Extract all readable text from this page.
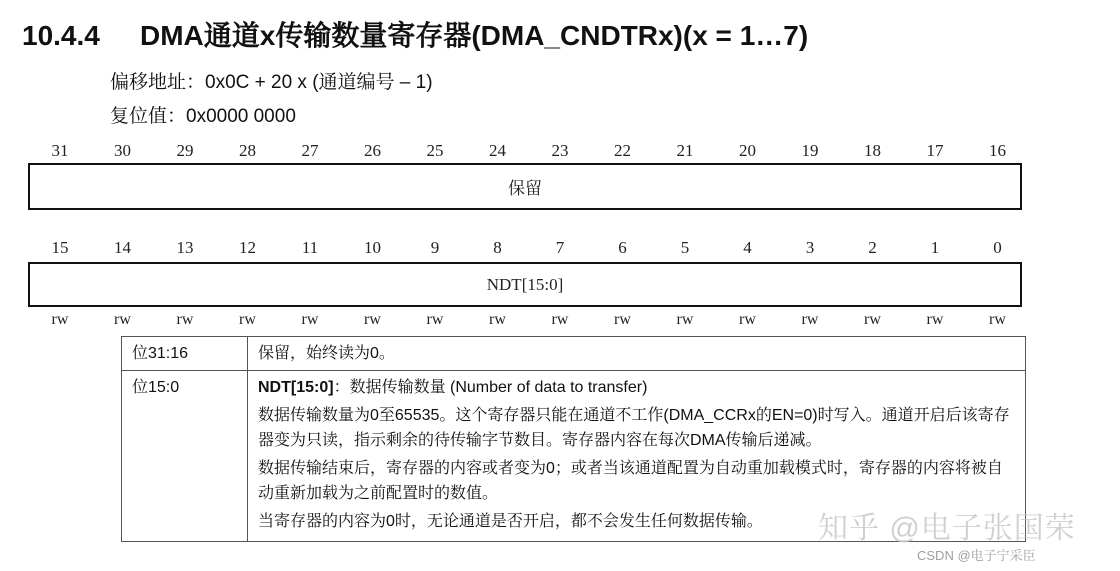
10.4.4 DMA通道x传输数量寄存器(DMA_CNDTRx)(x = 1…7)
偏移地址：0x0C + 20 x (通道编号 – 1)
复位值：0x0000 0000
31	30	29	28	27	26	25	24	23	22	21	20	19	18	17	16
保留
15	14	13	12	11	10	9	8	7	6	5	4	3	2	1	0
NDT[15:0]
rw	rw	rw	rw	rw	rw	rw	rw	rw	rw	rw	rw	rw	rw	rw	rw
位31:16	保留，始终读为0。
位15:0	NDT[15:0]：数据传输数量 (Number of data to transfer)

数据传输数量为0至65535。这个寄存器只能在通道不工作(DMA_CCRx的EN=0)时写入。通道开启后该寄存器变为只读，指示剩余的待传输字节数目。寄存器内容在每次DMA传输后递减。

数据传输结束后，寄存器的内容或者变为0；或者当该通道配置为自动重加载模式时，寄存器的内容将被自动重新加载为之前配置时的数值。

当寄存器的内容为0时，无论通道是否开启，都不会发生任何数据传输。	知乎 @电子张国荣
CSDN @电子宁采臣
